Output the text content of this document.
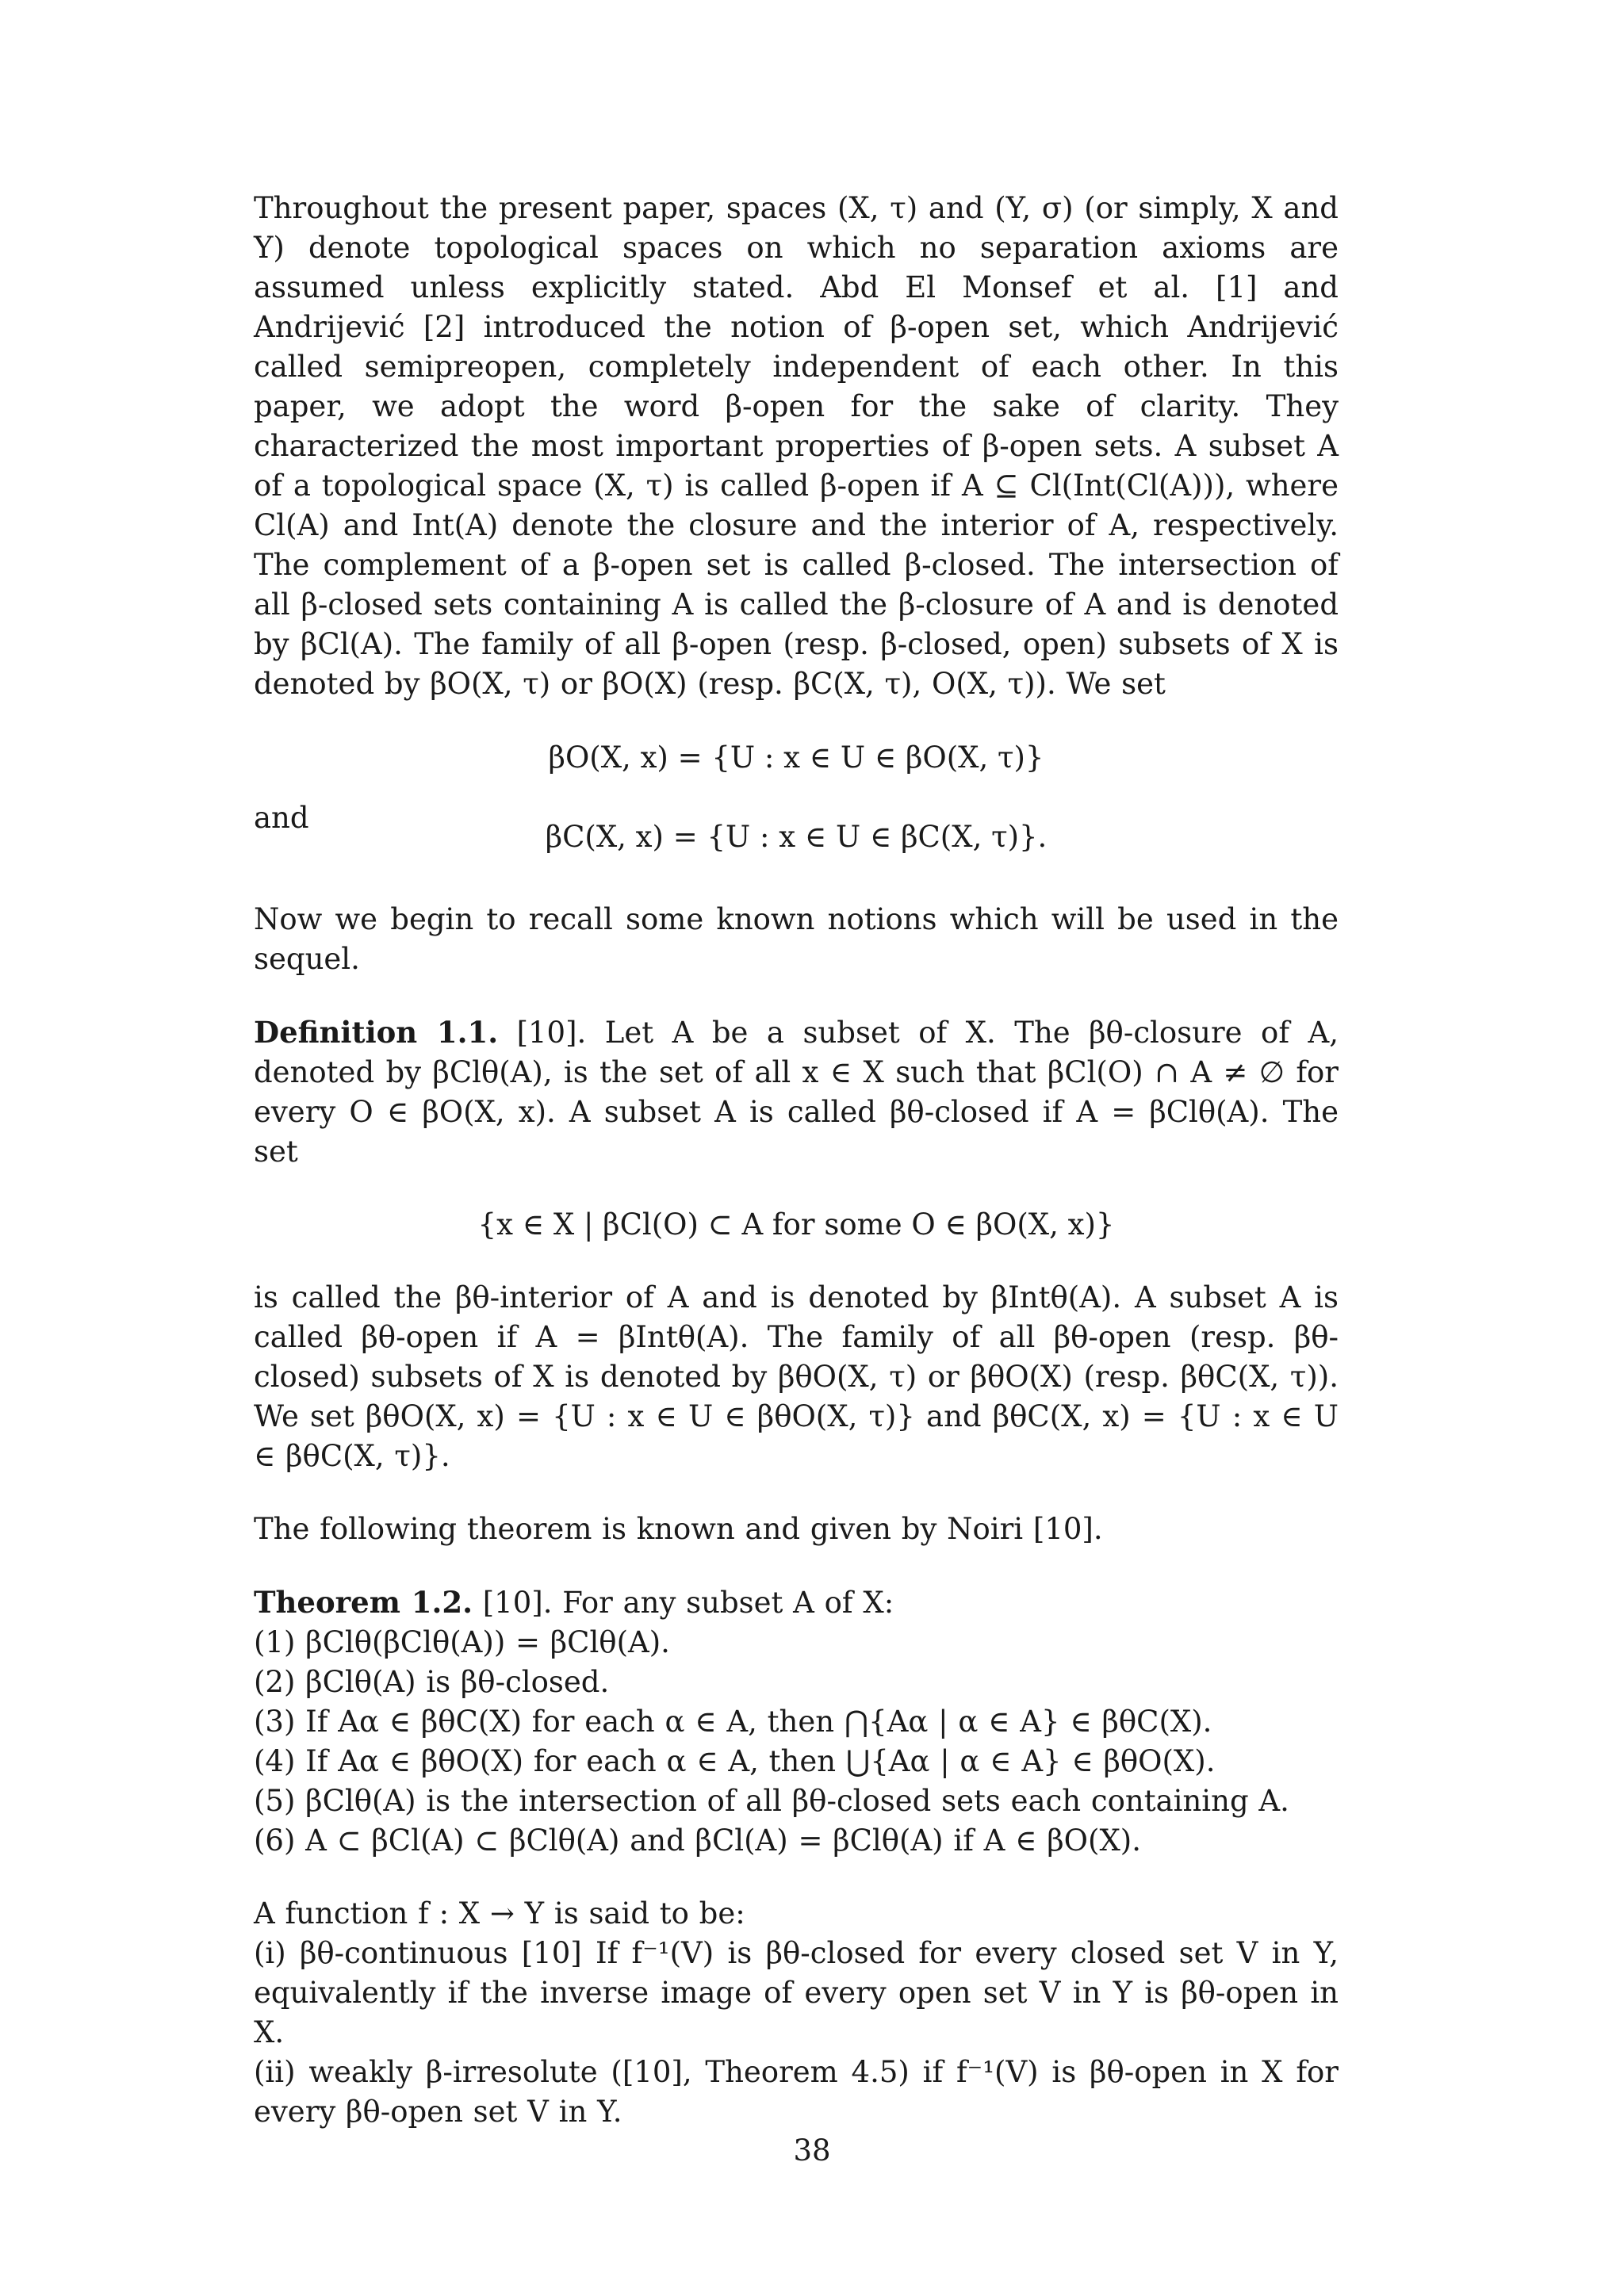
Throughout the present paper, spaces (X, τ) and (Y, σ) (or simply, X and Y) denote topological spaces on which no separation axioms are assumed unless explicitly stated. Abd El Monsef et al. [1] and Andrijević [2] introduced the notion of β-open set, which Andrijević called semipreopen, completely independent of each other. In this paper, we adopt the word β-open for the sake of clarity. They characterized the most important properties of β-open sets. A subset A of a topological space (X, τ) is called β-open if A ⊆ Cl(Int(Cl(A))), where Cl(A) and Int(A) denote the closure and the interior of A, respectively. The complement of a β-open set is called β-closed. The intersection of all β-closed sets containing A is called the β-closure of A and is denoted by βCl(A). The family of all β-open (resp. β-closed, open) subsets of X is denoted by βO(X, τ) or βO(X) (resp. βC(X, τ), O(X, τ)). We set

βO(X, x) = {U : x ∈ U ∈ βO(X, τ)}
and
βC(X, x) = {U : x ∈ U ∈ βC(X, τ)}.

Now we begin to recall some known notions which will be used in the sequel.

Definition 1.1. [10]. Let A be a subset of X. The βθ-closure of A, denoted by βClθ(A), is the set of all x ∈ X such that βCl(O) ∩ A ≠ ∅ for every O ∈ βO(X, x). A subset A is called βθ-closed if A = βClθ(A). The set

{x ∈ X | βCl(O) ⊂ A for some O ∈ βO(X, x)}

is called the βθ-interior of A and is denoted by βIntθ(A). A subset A is called βθ-open if A = βIntθ(A). The family of all βθ-open (resp. βθ-closed) subsets of X is denoted by βθO(X, τ) or βθO(X) (resp. βθC(X, τ)). We set βθO(X, x) = {U : x ∈ U ∈ βθO(X, τ)} and βθC(X, x) = {U : x ∈ U ∈ βθC(X, τ)}.

The following theorem is known and given by Noiri [10].

Theorem 1.2. [10]. For any subset A of X:

(1) βClθ(βClθ(A)) = βClθ(A).

(2) βClθ(A) is βθ-closed.

(3) If Aα ∈ βθC(X) for each α ∈ A, then ⋂{Aα | α ∈ A} ∈ βθC(X).

(4) If Aα ∈ βθO(X) for each α ∈ A, then ⋃{Aα | α ∈ A} ∈ βθO(X).

(5) βClθ(A) is the intersection of all βθ-closed sets each containing A.

(6) A ⊂ βCl(A) ⊂ βClθ(A) and βCl(A) = βClθ(A) if A ∈ βO(X).

A function f : X → Y is said to be:

(i) βθ-continuous [10] If f⁻¹(V) is βθ-closed for every closed set V in Y, equivalently if the inverse image of every open set V in Y is βθ-open in X.

(ii) weakly β-irresolute ([10], Theorem 4.5) if f⁻¹(V) is βθ-open in X for every βθ-open set V in Y.

38
